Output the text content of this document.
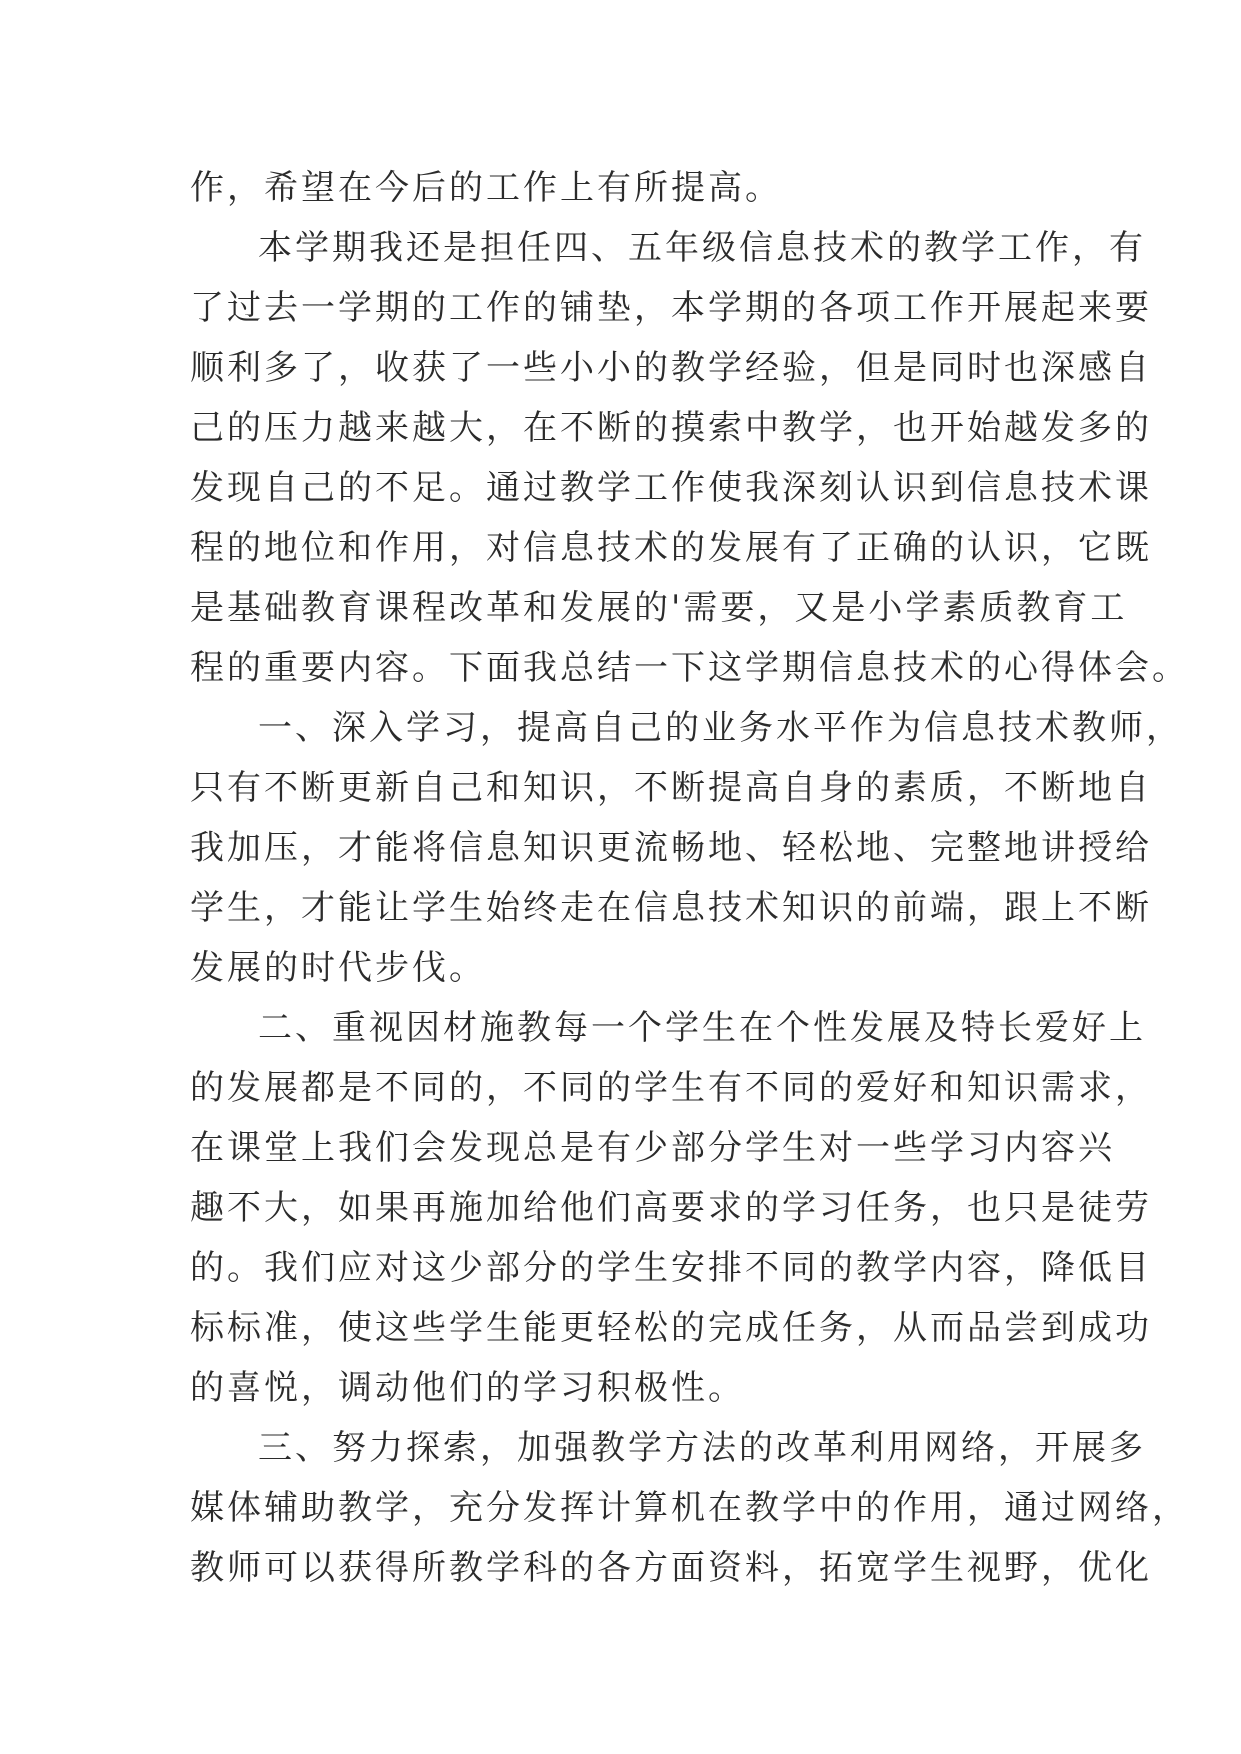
作，希望在今后的工作上有所提高。
本学期我还是担任四、五年级信息技术的教学工作，有
了过去一学期的工作的铺垫，本学期的各项工作开展起来要
顺利多了，收获了一些小小的教学经验，但是同时也深感自
己的压力越来越大，在不断的摸索中教学，也开始越发多的
发现自己的不足。通过教学工作使我深刻认识到信息技术课
程的地位和作用，对信息技术的发展有了正确的认识，它既
是基础教育课程改革和发展的'需要，又是小学素质教育工
程的重要内容。下面我总结一下这学期信息技术的心得体会。
一、深入学习，提高自己的业务水平作为信息技术教师，
只有不断更新自己和知识，不断提高自身的素质，不断地自
我加压，才能将信息知识更流畅地、轻松地、完整地讲授给
学生，才能让学生始终走在信息技术知识的前端，跟上不断
发展的时代步伐。
二、重视因材施教每一个学生在个性发展及特长爱好上
的发展都是不同的，不同的学生有不同的爱好和知识需求，
在课堂上我们会发现总是有少部分学生对一些学习内容兴
趣不大，如果再施加给他们高要求的学习任务，也只是徒劳
的。我们应对这少部分的学生安排不同的教学内容，降低目
标标准，使这些学生能更轻松的完成任务，从而品尝到成功
的喜悦，调动他们的学习积极性。
三、努力探索，加强教学方法的改革利用网络，开展多
媒体辅助教学，充分发挥计算机在教学中的作用，通过网络，
教师可以获得所教学科的各方面资料，拓宽学生视野，优化
